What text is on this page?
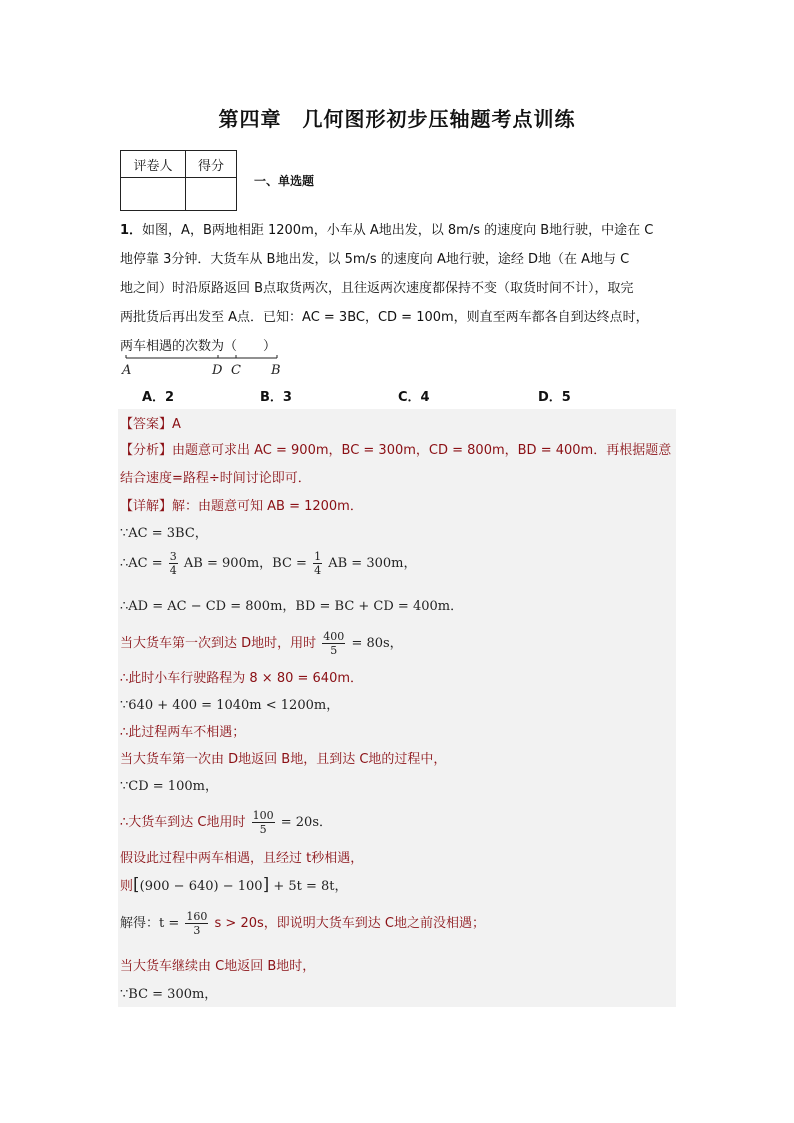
第四章　几何图形初步压轴题考点训练
评卷人	得分

一、单选题
1．如图，A，B两地相距 1200m，小车从 A地出发，以 8m/s 的速度向 B地行驶，中途在 C
地停靠 3分钟．大货车从 B地出发，以 5m/s 的速度向 A地行驶，途经 D地（在 A地与 C
地之间）时沿原路返回 B点取货两次，且往返两次速度都保持不变（取货时间不计），取完
两批货后再出发至 A点．已知：AC = 3BC，CD = 100m，则直至两车都各自到达终点时，
两车相遇的次数为（　　）
A	D C B
A．2	B．3	C．4	D．5
【答案】A
【分析】由题意可求出 AC = 900m，BC = 300m，CD = 800m，BD = 400m．再根据题意
结合速度=路程÷时间讨论即可．
【详解】解：由题意可知 AB = 1200m．
∵AC = 3BC，
∴AC = $\frac{3}{4}$ AB = 900m，BC = $\frac{1}{4}$ AB = 300m，
∴AD = AC − CD = 800m，BD = BC + CD = 400m．
当大货车第一次到达 D地时，用时 $\frac{400}{5} = 80s$，
∴此时小车行驶路程为 8 × 80 = 640m．
∵640 + 400 = 1040m < 1200m，
∴此过程两车不相遇；
当大货车第一次由 D地返回 B地，且到达 C地的过程中，
∵CD = 100m，
∴大货车到达 C地用时 $\frac{100}{5} = 20s$．
假设此过程中两车相遇，且经过 t秒相遇，
则[(900 − 640) − 100] + 5t = 8t，
解得：$t = \frac{160}{3}$ s > 20s，即说明大货车到达 C地之前没相遇；
当大货车继续由 C地返回 B地时，
∵BC = 300m，
